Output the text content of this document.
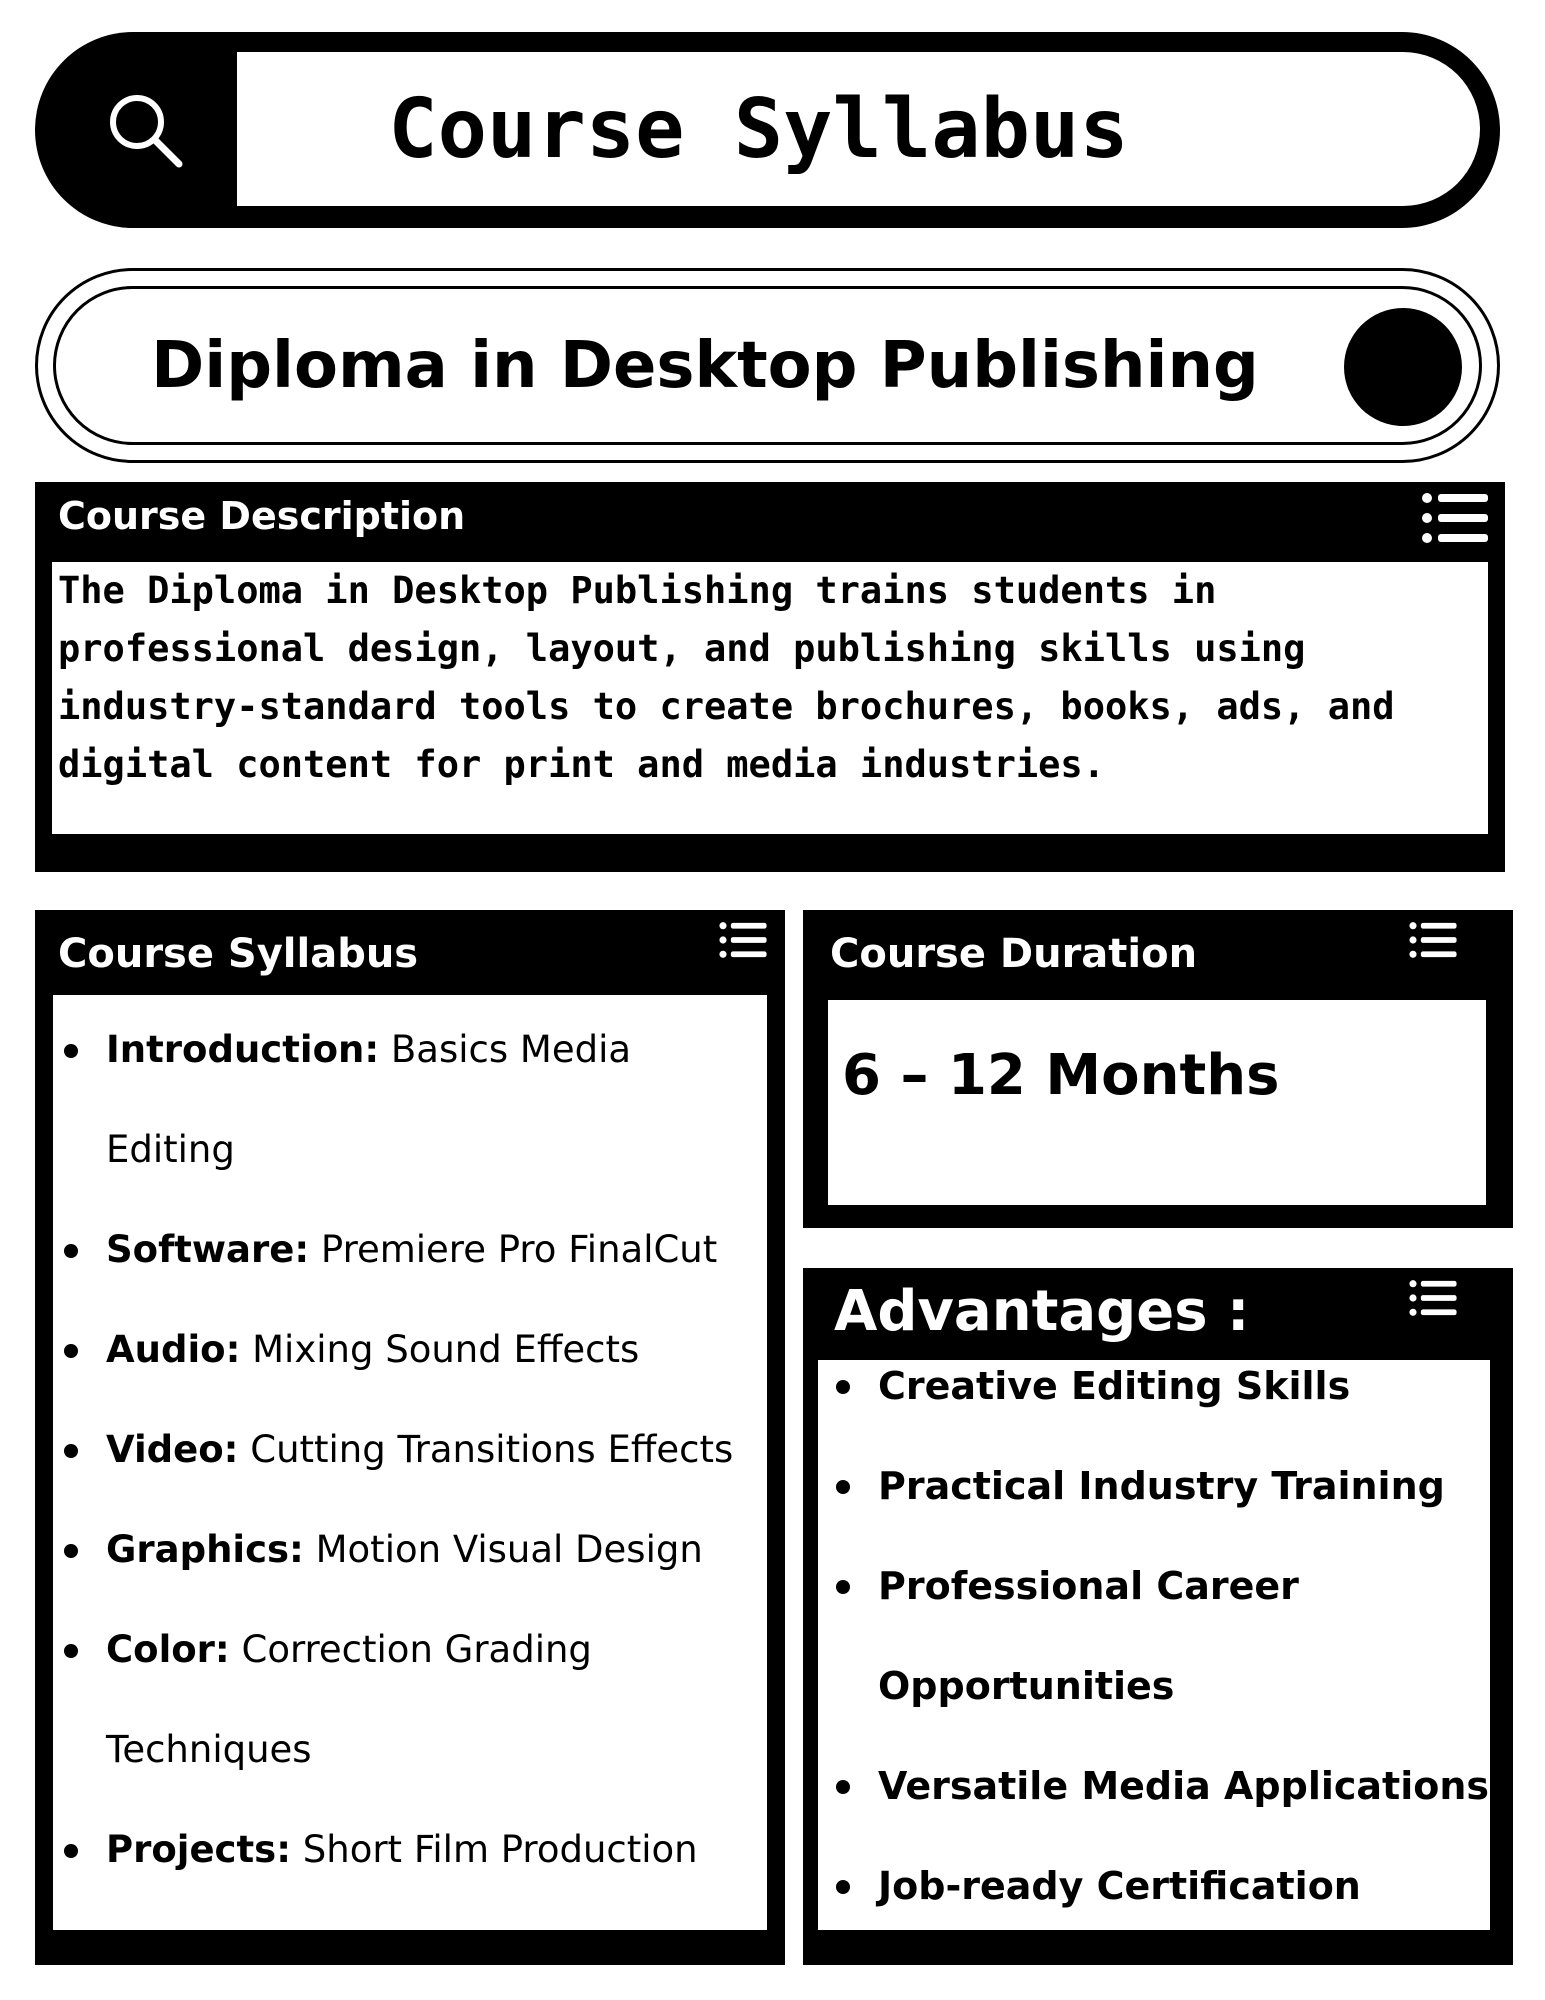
Course Syllabus
Diploma in Desktop Publishing
Course Description

The Diploma in Desktop Publishing trains students in professional design, layout, and publishing skills using industry-standard tools to create brochures, books, ads, and digital content for print and media industries.

Course Syllabus
Introduction: Basics Media Editing
Software: Premiere Pro FinalCut
Audio: Mixing Sound Effects
Video: Cutting Transitions Effects
Graphics: Motion Visual Design
Color: Correction Grading Techniques
Projects: Short Film Production
Course Duration
6 – 12 Months
Advantages :
Creative Editing Skills
Practical Industry Training
Professional Career Opportunities
Versatile Media Applications
Job-ready Certification
